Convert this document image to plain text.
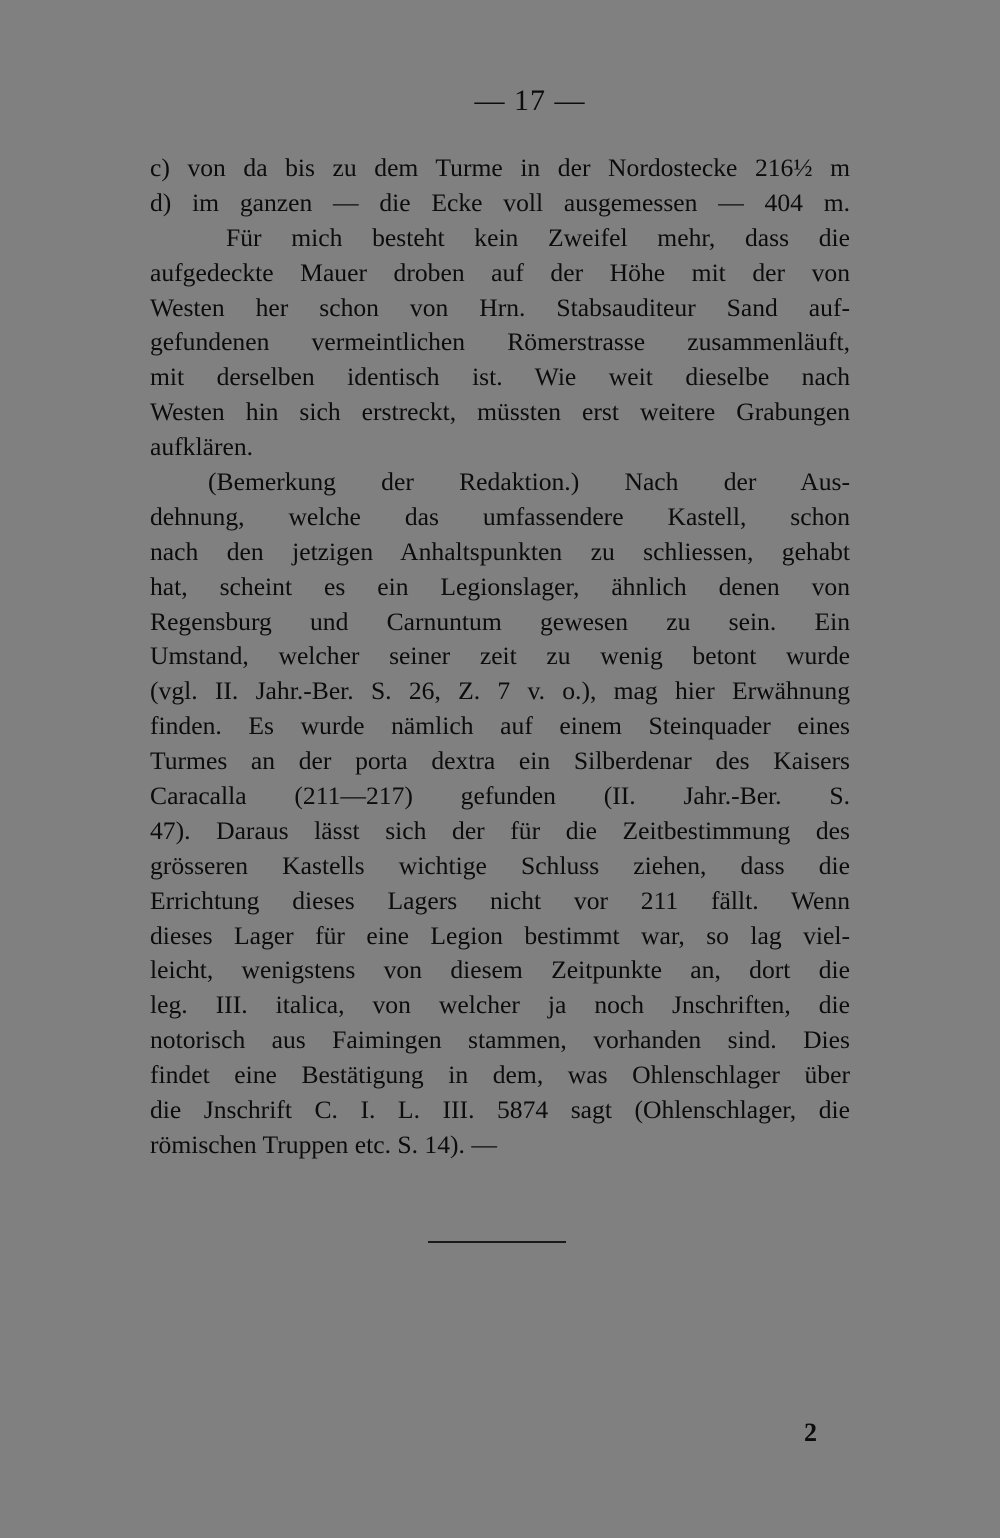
— 17 —
c) von da bis zu dem Turme in der Nordostecke 216½ m
d) im ganzen — die Ecke voll ausgemessen — 404 m.
Für mich besteht kein Zweifel mehr, dass die
aufgedeckte Mauer droben auf der Höhe mit der von
Westen her schon von Hrn. Stabsauditeur Sand auf-
gefundenen vermeintlichen Römerstrasse zusammenläuft,
mit derselben identisch ist. Wie weit dieselbe nach
Westen hin sich erstreckt, müssten erst weitere Grabungen
aufklären.
(Bemerkung der Redaktion.) Nach der Aus-
dehnung, welche das umfassendere Kastell, schon
nach den jetzigen Anhaltspunkten zu schliessen, gehabt
hat, scheint es ein Legionslager, ähnlich denen von
Regensburg und Carnuntum gewesen zu sein. Ein
Umstand, welcher seiner zeit zu wenig betont wurde
(vgl. II. Jahr.-Ber. S. 26, Z. 7 v. o.), mag hier Erwähnung
finden. Es wurde nämlich auf einem Steinquader eines
Turmes an der porta dextra ein Silberdenar des Kaisers
Caracalla (211—217) gefunden (II. Jahr.-Ber. S.
47). Daraus lässt sich der für die Zeitbestimmung des
grösseren Kastells wichtige Schluss ziehen, dass die
Errichtung dieses Lagers nicht vor 211 fällt. Wenn
dieses Lager für eine Legion bestimmt war, so lag viel-
leicht, wenigstens von diesem Zeitpunkte an, dort die
leg. III. italica, von welcher ja noch Jnschriften, die
notorisch aus Faimingen stammen, vorhanden sind. Dies
findet eine Bestätigung in dem, was Ohlenschlager über
die Jnschrift C. I. L. III. 5874 sagt (Ohlenschlager, die
römischen Truppen etc. S. 14). —
2
